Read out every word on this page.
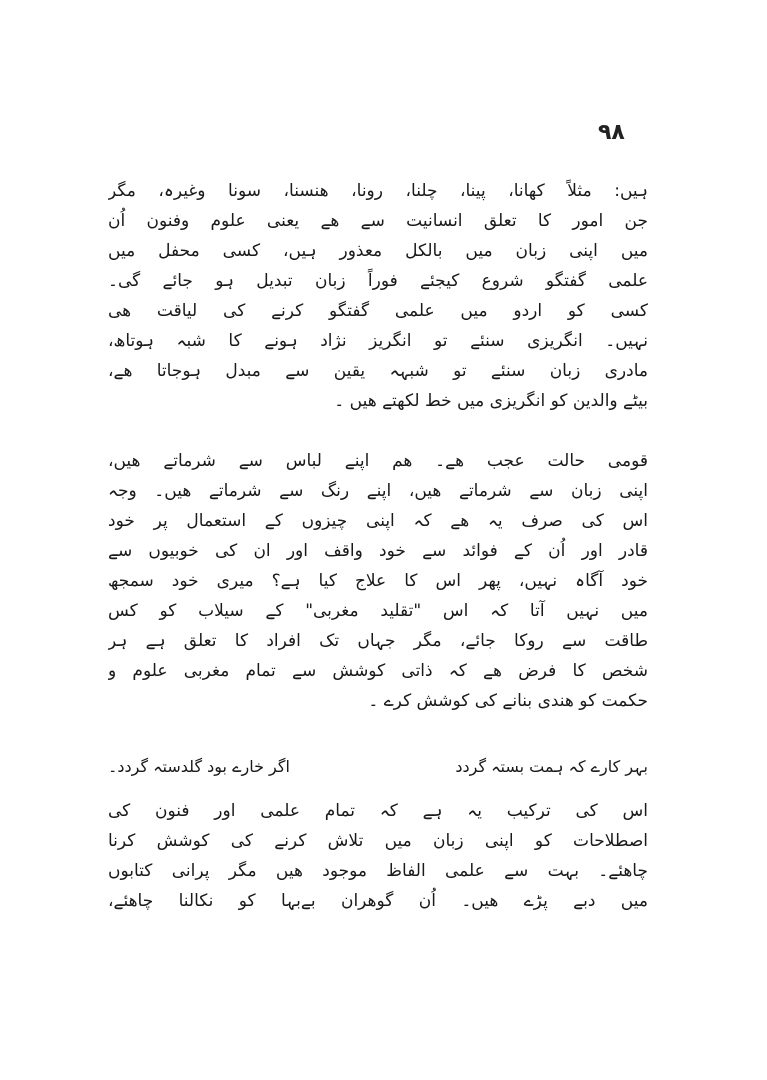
۹۸
ہیں: مثلاً کھانا، پینا، چلنا، رونا، ھنسنا، سونا وغیرہ، مگر
جن امور کا تعلق انسانیت سے ھے یعنی علوم وفنون اُن
میں اپنی زبان میں بالکل معذور ہیں، کسی محفل میں
علمی گفتگو شروع کیجئے فوراً زبان تبدیل ہو جائے گی۔
کسی کو اردو میں علمی گفتگو کرنے کی لیاقت ھی
نہیں۔ انگریزی سنئے تو انگریز نژاد ہونے کا شبہ ہوتاھ،
مادری زبان سنئے تو شبہہ یقین سے مبدل ہوجاتا ھے،
بیٹے والدین کو انگریزی میں خط لکھتے ھیں ۔
قومی حالت عجب ھے۔ ھم اپنے لباس سے شرماتے ھیں،
اپنی زبان سے شرماتے ھیں، اپنے رنگ سے شرماتے ھیں۔ وجہ
اس کی صرف یہ ھے کہ اپنی چیزوں کے استعمال پر خود
قادر اور اُن کے فوائد سے خود واقف اور ان کی خوبیوں سے
خود آگاہ نہیں، پھر اس کا علاج کیا ہے؟ میری خود سمجھ
میں نہیں آتا کہ اس "تقلید مغربی" کے سیلاب کو کس
طاقت سے روکا جائے، مگر جہاں تک افراد کا تعلق ہے ہر
شخص کا فرض ھے کہ ذاتی کوشش سے تمام مغربی علوم و
حکمت کو ھندی بنانے کی کوشش کرے ۔
بہر کارے کہ ہمت بستہ گردد اگر خارے بود گلدستہ گردد۔
اس کی ترکیب یہ ہے کہ تمام علمی اور فنون کی
اصطلاحات کو اپنی زبان میں تلاش کرنے کی کوشش کرنا
چاھئے۔ بہت سے علمی الفاظ موجود ھیں مگر پرانی کتابوں
میں دبے پڑے ھیں۔ اُن گوھران بےبہا کو نکالنا چاھئے،
